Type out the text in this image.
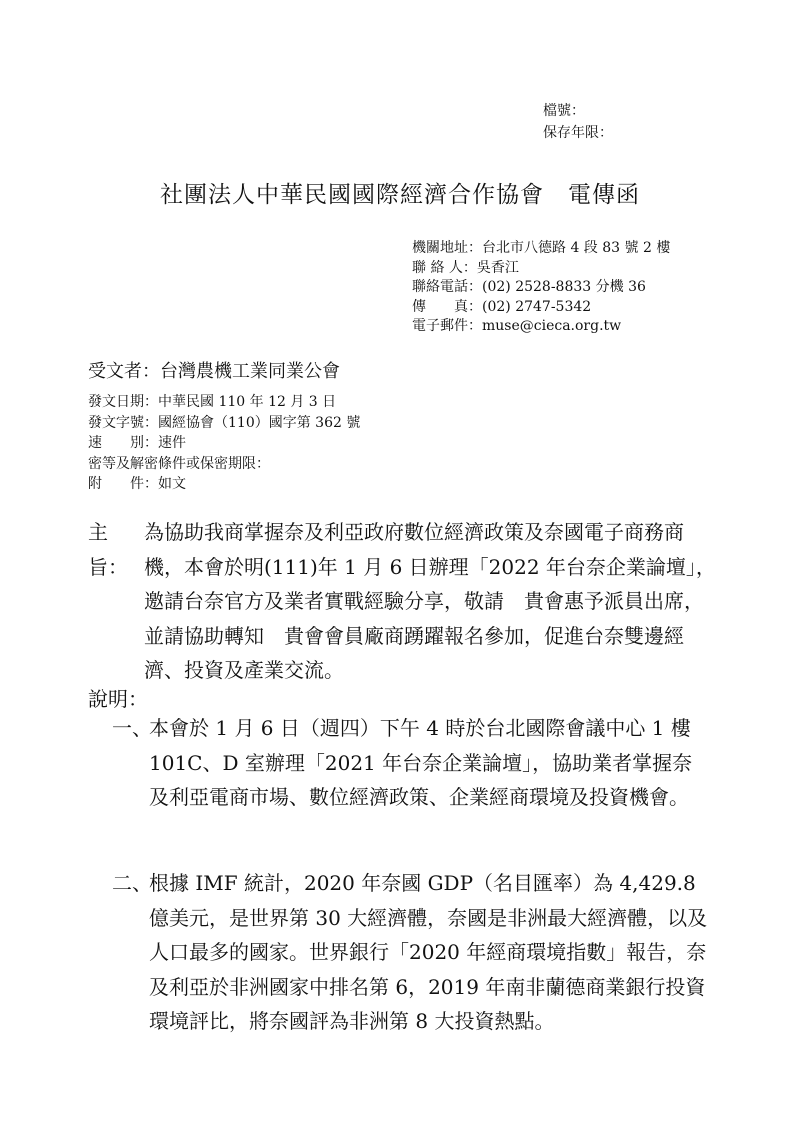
檔號：
保存年限：
社團法人中華民國國際經濟合作協會　電傳函
機關地址：台北市八德路 4 段 83 號 2 樓
聯 絡 人：吳香江
聯絡電話：(02) 2528-8833 分機 36
傳　　真：(02) 2747-5342
電子郵件：muse@cieca.org.tw
受文者：台灣農機工業同業公會
發文日期：中華民國 110 年 12 月 3 日
發文字號：國經協會（110）國字第 362 號
速　　別：速件
密等及解密條件或保密期限：
附　　件：如文
主旨：

為協助我商掌握奈及利亞政府數位經濟政策及奈國電子商務商機，本會於明(111)年 1 月 6 日辦理「2022 年台奈企業論壇」，邀請台奈官方及業者實戰經驗分享，敬請　貴會惠予派員出席，並請協助轉知　貴會會員廠商踴躍報名參加，促進台奈雙邊經濟、投資及產業交流。

說明：
一、

本會於 1 月 6 日（週四）下午 4 時於台北國際會議中心 1 樓 101C、D 室辦理「2021 年台奈企業論壇」，協助業者掌握奈及利亞電商市場、數位經濟政策、企業經商環境及投資機會。

二、

根據 IMF 統計，2020 年奈國 GDP（名目匯率）為 4,429.8 億美元，是世界第 30 大經濟體，奈國是非洲最大經濟體，以及人口最多的國家。世界銀行「2020 年經商環境指數」報告，奈及利亞於非洲國家中排名第 6，2019 年南非蘭德商業銀行投資環境評比，將奈國評為非洲第 8 大投資熱點。
